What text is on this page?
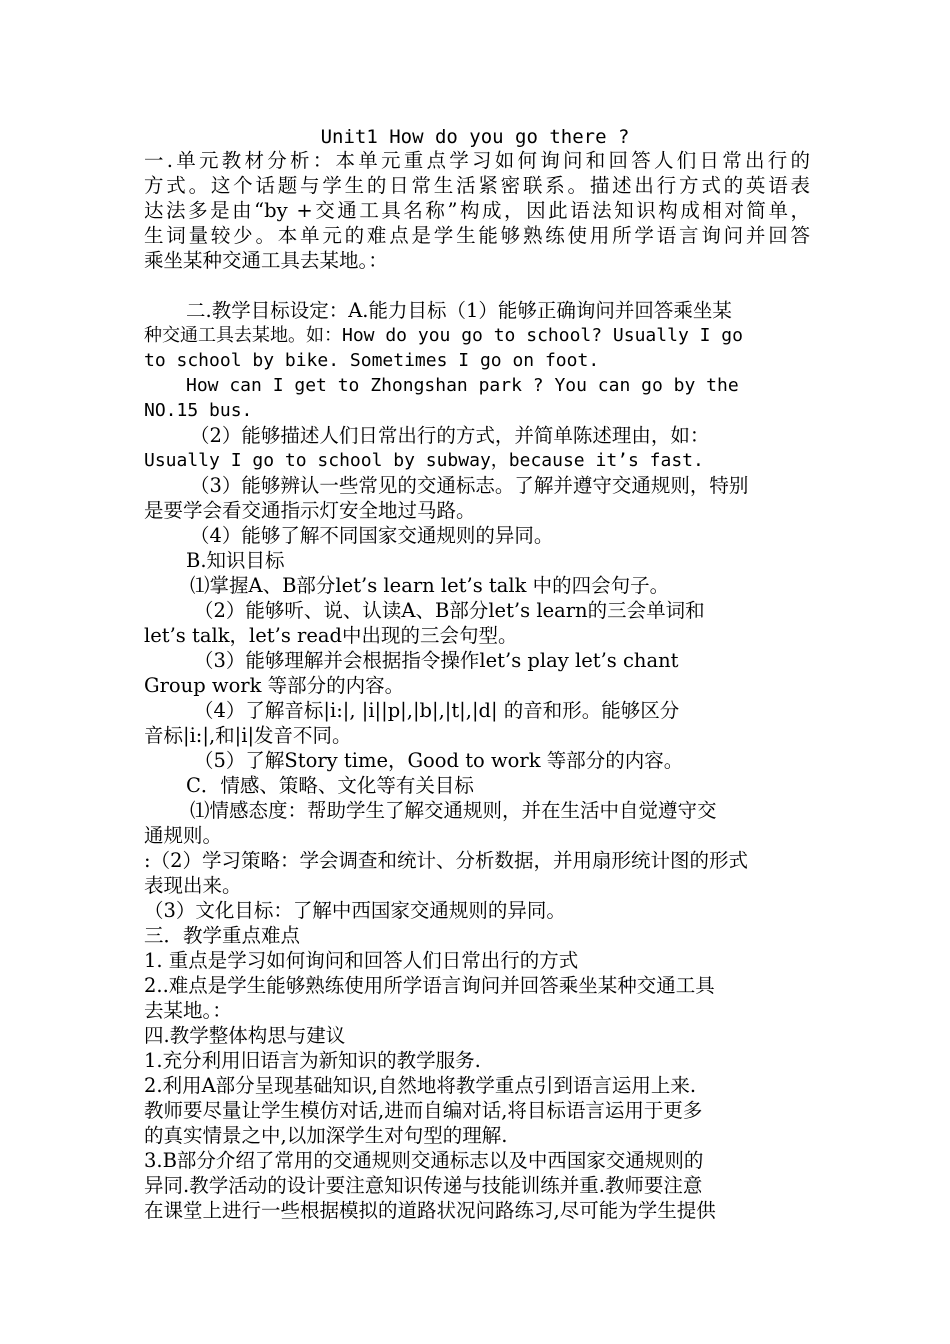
Unit1 How do you go there ?
一.单元教材分析：本单元重点学习如何询问和回答人们日常出行的
方式。这个话题与学生的日常生活紧密联系。描述出行方式的英语表
达法多是由“by +交通工具名称”构成，因此语法知识构成相对简单，
生词量较少。本单元的难点是学生能够熟练使用所学语言询问并回答
乘坐某种交通工具去某地。：
二.教学目标设定：A.能力目标（1）能够正确询问并回答乘坐某
种交通工具去某地。如：How do you go to school? Usually I go
to school by bike. Sometimes I go on foot.
How can I get to Zhongshan park ? You can go by the
NO.15 bus.
（2）能够描述人们日常出行的方式，并简单陈述理由，如：
Usually I go to school by subway，because it’s fast.
（3）能够辨认一些常见的交通标志。了解并遵守交通规则，特别
是要学会看交通指示灯安全地过马路。
（4）能够了解不同国家交通规则的异同。
B.知识目标
⑴掌握A、B部分let’s learn let’s talk 中的四会句子。
（2）能够听、说、认读A、B部分let’s learn的三会单词和
let’s talk，let’s read中出现的三会句型。
（3）能够理解并会根据指令操作let’s play let’s chant
Group work 等部分的内容。
（4）了解音标|i:|, |i||p|,|b|,|t|,|d| 的音和形。能够区分
音标|i:|,和|i|发音不同。
（5）了解Story time，Good to work 等部分的内容。
C．情感、策略、文化等有关目标
⑴情感态度：帮助学生了解交通规则，并在生活中自觉遵守交
通规则。
:（2）学习策略：学会调查和统计、分析数据，并用扇形统计图的形式
表现出来。
（3）文化目标：了解中西国家交通规则的异同。
三．教学重点难点
1. 重点是学习如何询问和回答人们日常出行的方式
2..难点是学生能够熟练使用所学语言询问并回答乘坐某种交通工具
去某地。：
四.教学整体构思与建议
1.充分利用旧语言为新知识的教学服务.
2.利用A部分呈现基础知识,自然地将教学重点引到语言运用上来.
教师要尽量让学生模仿对话,进而自编对话,将目标语言运用于更多
的真实情景之中,以加深学生对句型的理解.
3.B部分介绍了常用的交通规则交通标志以及中西国家交通规则的
异同.教学活动的设计要注意知识传递与技能训练并重.教师要注意
在课堂上进行一些根据模拟的道路状况问路练习,尽可能为学生提供
